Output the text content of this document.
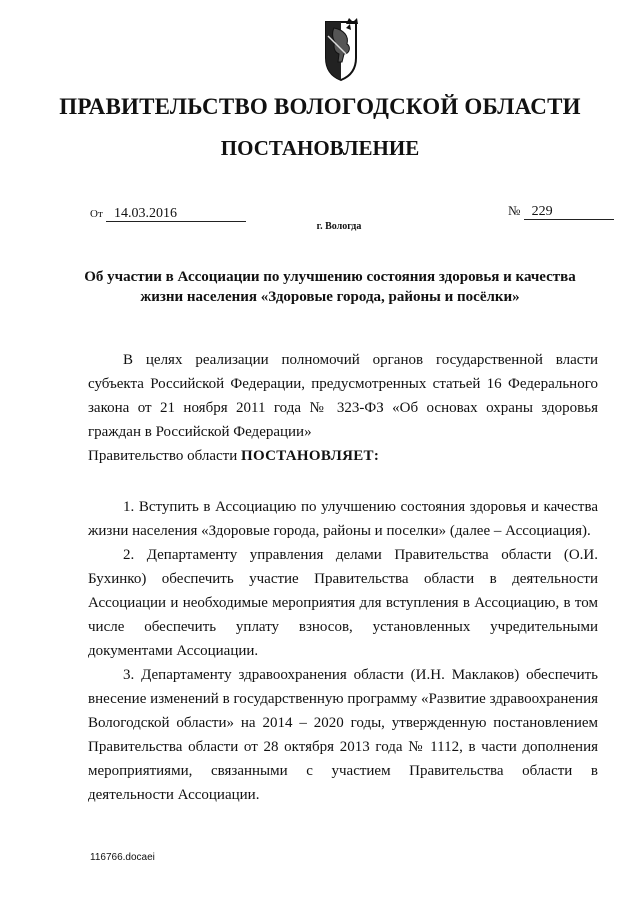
ПРАВИТЕЛЬСТВО ВОЛОГОДСКОЙ ОБЛАСТИ
ПОСТАНОВЛЕНИЕ
От 14.03.2016	№ 229
г. Вологда
Об участии в Ассоциации по улучшению состояния здоровья и качества жизни населения «Здоровые города, районы и посёлки»

В целях реализации полномочий органов государственной власти субъекта Российской Федерации, предусмотренных статьей 16 Федерального закона от 21 ноября 2011 года № 323-ФЗ «Об основах охраны здоровья граждан в Российской Федерации»

Правительство области ПОСТАНОВЛЯЕТ:

1. Вступить в Ассоциацию по улучшению состояния здоровья и качества жизни населения «Здоровые города, районы и поселки» (далее – Ассоциация).

2. Департаменту управления делами Правительства области (О.И. Бухинко) обеспечить участие Правительства области в деятельности Ассоциации и необходимые мероприятия для вступления в Ассоциацию, в том числе обеспечить уплату взносов, установленных учредительными документами Ассоциации.

3. Департаменту здравоохранения области (И.Н. Маклаков) обеспечить внесение изменений в государственную программу «Развитие здравоохранения Вологодской области» на 2014 – 2020 годы, утвержденную постановлением Правительства области от 28 октября 2013 года № 1112, в части дополнения мероприятиями, связанными с участием Правительства области в деятельности Ассоциации.

116766.docaei
